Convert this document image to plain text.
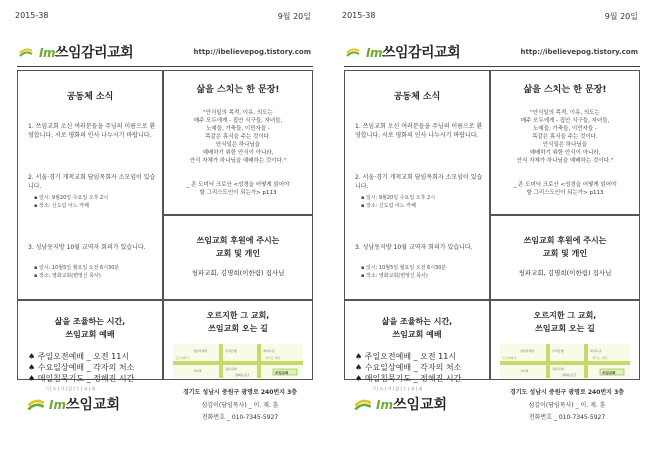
2015-38	9월 20일
Im쓰임감리교회	http://ibelievepog.tistory.com
공동체 소식
1. 쓰임교회 오신 여러분들을 주님의 이름으로 환영합니다. 서로 평화의 인사 나누시기 바랍니다.
2. 서울·경기 개척교회 담임목회자 소모임이 있습니다.
▪ 일시: 9월20일 수요일 오후 2시
▪ 장소: 신도림 어느 카페
3. 성남동지방 10월 교역자 회의가 있습니다.
▪ 일시: 10월5일 월요일 오전 6시30분
▪ 장소: 영화교회(변영신 목사)
삶을 스치는 한 문장!
"안식일의 목적, 이유, 의도는
매주 모두에게 - 집안 식구들, 자녀들,
노예들, 가축들, 이민자들 -
똑같은 휴식을 주는 것이다.
안식일은 하나님을
예배하기 위한 안식이 아니라,
안식 자체가 하나님을 예배하는 것이다."
_ 존 도미닉 크로산 <성경을 어떻게 읽어야
할 그리스도인이 되는가> p113
쓰임교회 후원에 주시는
교회 및 개인
청파교회, 김명희(이한림) 집사님
삶을 조율하는 시간,
쓰임교회 예배
♠ 주일오전예배 _ 오전 11시
♠ 수요일상예배 _ 각자의 처소
♠ 매일침묵기도 _ 정해진 시간
오르지한 그 교회,
쓰임교회 오는 길
성남우체국	우리은행	세이프존
신구대학교	경기도 재단
성남교회
기사라
정희동공군	쓰임교회
기 | 도 | 가 | 있 | 는 | 교 | 회
Im쓰임교회
경기도 성남시 중원구 광명로 240번지 3층
섬김이(담임목사) _ 이. 재. 훈
전화번호 _ 010-7345-5927
2015-38	9월 20일
Im쓰임감리교회	http://ibelievepog.tistory.com
공동체 소식
1. 쓰임교회 오신 여러분들을 주님의 이름으로 환영합니다. 서로 평화의 인사 나누시기 바랍니다.
2. 서울·경기 개척교회 담임목회자 소모임이 있습니다.
▪ 일시: 9월20일 수요일 오후 2시
▪ 장소: 신도림 어느 카페
3. 성남동지방 10월 교역자 회의가 있습니다.
▪ 일시: 10월5일 월요일 오전 6시30분
▪ 장소: 영화교회(변영신 목사)
삶을 스치는 한 문장!
"안식일의 목적, 이유, 의도는
매주 모두에게 - 집안 식구들, 자녀들,
노예들, 가축들, 이민자들 -
똑같은 휴식을 주는 것이다.
안식일은 하나님을
예배하기 위한 안식이 아니라,
안식 자체가 하나님을 예배하는 것이다."
_ 존 도미닉 크로산 <성경을 어떻게 읽어야
할 그리스도인이 되는가> p113
쓰임교회 후원에 주시는
교회 및 개인
청파교회, 김명희(이한림) 집사님
삶을 조율하는 시간,
쓰임교회 예배
♠ 주일오전예배 _ 오전 11시
♠ 수요일상예배 _ 각자의 처소
♠ 매일침묵기도 _ 정해진 시간
오르지한 그 교회,
쓰임교회 오는 길
성남우체국	우리은행	세이프존
신구대학교	경기도 재단
성남교회
기사라
정희동공군	쓰임교회
기 | 도 | 가 | 있 | 는 | 교 | 회
Im쓰임교회
경기도 성남시 중원구 광명로 240번지 3층
섬김이(담임목사) _ 이. 재. 훈
전화번호 _ 010-7345-5927
